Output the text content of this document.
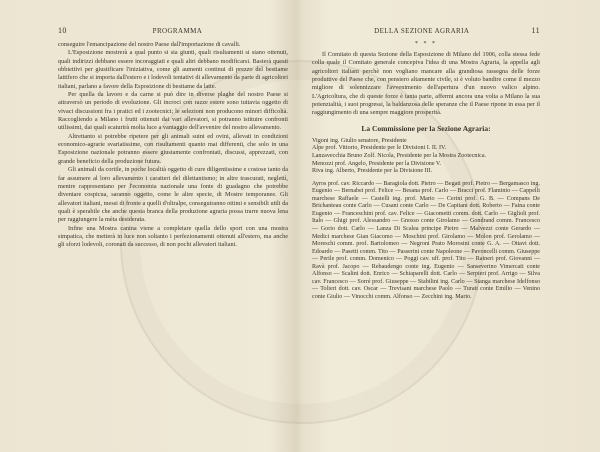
10	PROGRAMMA

conseguire l'emancipazione del nostro Paese dall'importazione di cavalli.

L'Esposizione mostrerà a qual punto si sia giunti, quali risultamenti si siano ottenuti, quali indirizzi debbano essere incoraggiati e quali altri debbano modificarsi. Basterà questi obbiettivi per giustificare l'iniziativa, come gli aumenti continui di prezzo del bestiame lattifero che si importa dall'estero e i lodevoli tentativi di allevamento da parte di agricoltori italiani, parlano a favore della Esposizione di bestiame da latte.

Per quella da lavoro e da carne si può dire in diverse plaghe del nostro Paese si attraversò un periodo di evoluzione. Gli incroci con razze estere sono tuttavia oggetto di vivaci discussioni fra i pratici ed i zootecnici; le selezioni non producono minori difficoltà. Raccogliendo a Milano i frutti ottenuti dai vari allevatori, si potranno istituire confronti utilissimi, dai quali scaturirà molta luce a vantaggio dell'avvenire del nostro allevamento.

Altrettanto si potrebbe ripetere per gli animali suini ed ovini, allevati in condizioni economico-agrarie svariatissime, con risultamenti quanto mai differenti, che solo in una Esposizione nazionale potranno essere giustamente confrontati, discussi, apprezzati, con grande beneficio della produzione futura.

Gli animali da cortile, in poche località oggetto di cure diligentissime e costose tanto da far assumere al loro allevamento i caratteri del dilettantismo; in altre trascurati, neglettì, mentre rappresentano per l'economia nazionale una fonte di guadagno che potrebbe diventare cospicua, saranno oggetto, come le altre specie, di Mostre temporanee. Gli allevatori italiani, messi di fronte a quelli d'oltralpe, conseguiranno ottimi e sensibili utili da quali è sperabile che anche questa branca della produzione agraria possa trarre nuova lena per raggiungere la mèta desiderata.

Infine una Mostra canina viene a completare quella dello sport con una mostra simpatica, che metterà in luce non soltanto i perfezionamenti ottenuti all'estero, ma anche gli sforzi lodevoli, coronati da successo, di non pochi allevatori italiani.

DELLA SEZIONE AGRARIA	11
* * *

Il Comitato di questa Sezione della Esposizione di Milano del 1906, colla stessa fede colla quale il Comitato generale concepiva l'idea di una Mostra Agraria, la appella agli agricoltori italiani perchè non vogliano mancare alla grandiosa rassegna delle forze produttive del Paese che, con pensiero altamente civile, si è voluto bandire come il mezzo migliore di solennizzare l'avvenimento dell'apertura d'un nuovo valico alpino. L'Agricoltura, che di queste forze è tanta parte, affermi ancora una volta a Milano la sua potenzialità, i suoi progressi, la baldanzosa delle speranze che il Paese ripone in essa per il raggiungimento di una sempre maggiore prosperità.

La Commissione per la Sezione Agraria:
Vigoni ing. Giulio senatore, Presidente
Alpe prof. Vittorio, Presidente per le Divisioni I. II. IV.
Lanzavecchia Bruno Zolf. Nicola, Presidente per la Mostra Zootecnica.
Menozzi prof. Angelo, Presidente per la Divisione V.
Riva ing. Alberto, Presidente per la Divisione III.

Ayros prof. cav. Riccardo — Baragiola dott. Pietro — Begati prof. Pietro — Bergamasco ing. Eugenio — Bernabei prof. Felice — Besana prof. Carlo — Bracci prof. Flaminio — Cappelli marchese Raffaele — Castelli ing. prof. Mario — Cerini prof. G. B. — Compans De Brichanteau conte Carlo — Cusani conte Carlo — De Capitani dott. Roberto — Faina conte Eugenio — Franceschini prof. cav. Felice — Giacometti comm. dott. Carlo — Giglioli prof. Italo — Ghigi prof. Alessandro — Gnosso conte Girolamo — Gondrand comm. Francesco — Gorio dott. Carlo — Lanza Di Scalea principe Pietro — Malvezzi conte Gerardo — Medici marchese Gian Giacomo — Moschini prof. Girolamo — Molon prof. Gerolamo — Moreschi comm. prof. Bartolomeo — Negroni Prato Morosini conte G. A. — Ottavi dott. Edoardo — Pasetti comm. Tito — Passerini conte Napoleone — Pavoncelli comm. Giuseppe — Perile prof. comm. Domenico — Poggi cav. uff. prof. Tito — Raineri prof. Giovanni — Ravà prof. Jacopo — Rebaudengo conte ing. Eugenio — Sanseverino Vimercati conte Alfonso — Scalini dott. Enrico — Schiaparelli dott. Carlo — Serpieri prof. Arrigo — Silva cav. Francesco — Sorré prof. Giuseppe — Stabilini ing. Carlo — Stanga marchese Idelfonso — Tolieri dott. cav. Oscar — Trevisani marchese Paolo — Turati conte Emilio — Venino conte Giulio — Vinocchi comm. Alfonso — Zecchini ing. Mario.
